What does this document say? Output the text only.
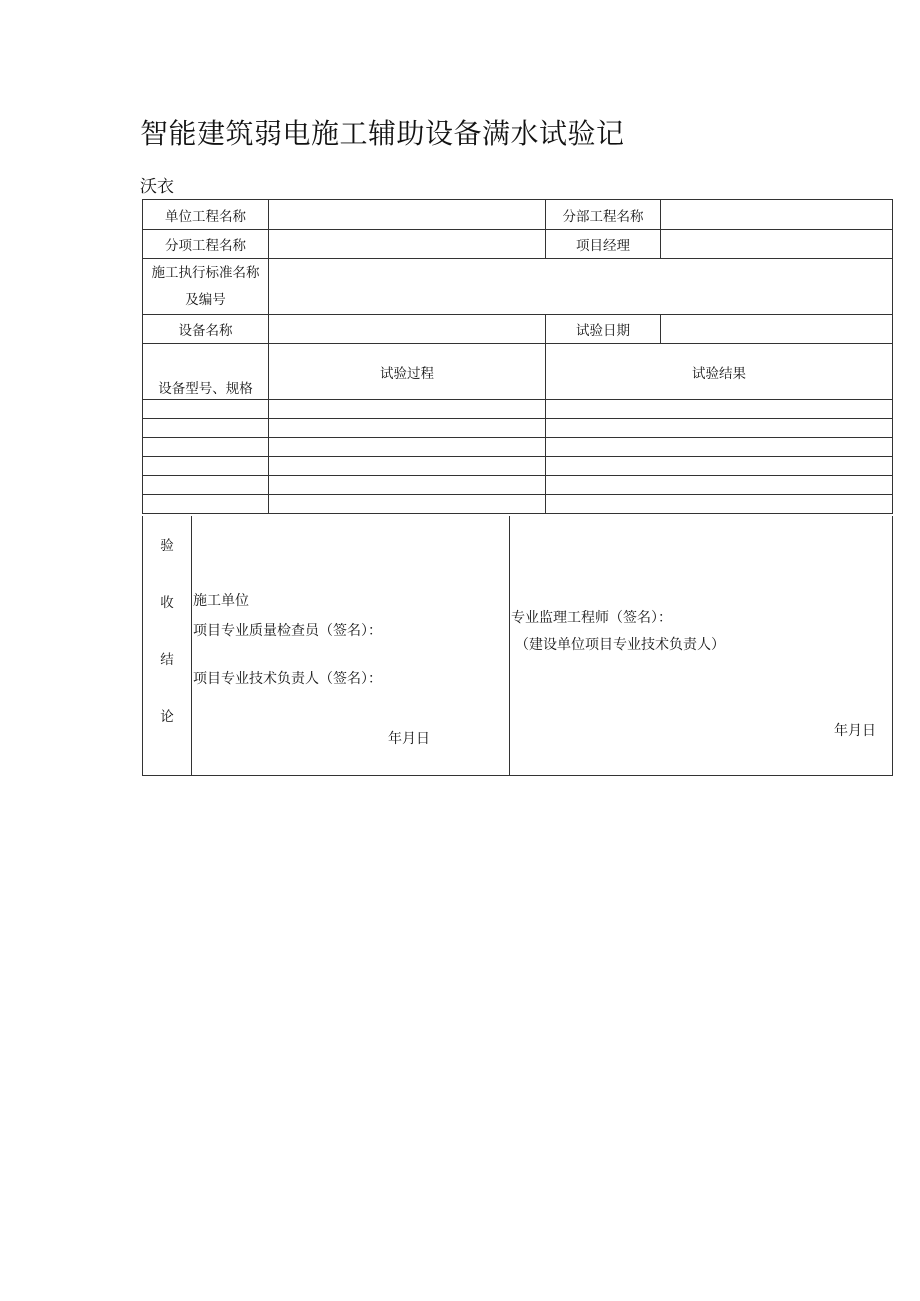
智能建筑弱电施工辅助设备满水试验记
沃衣
单位工程名称		分部工程名称	
分项工程名称		项目经理	

施工执行标准名称
及编号			

设备名称		试验日期	
设备型号、规格	试验过程	试验结果	

验
收
结
论

施工单位
项目专业质量检查员（签名）：
项目专业技术负责人（签名）：
年月日

专业监理工程师（签名）：
（建设单位项目专业技术负责人）
年月日
